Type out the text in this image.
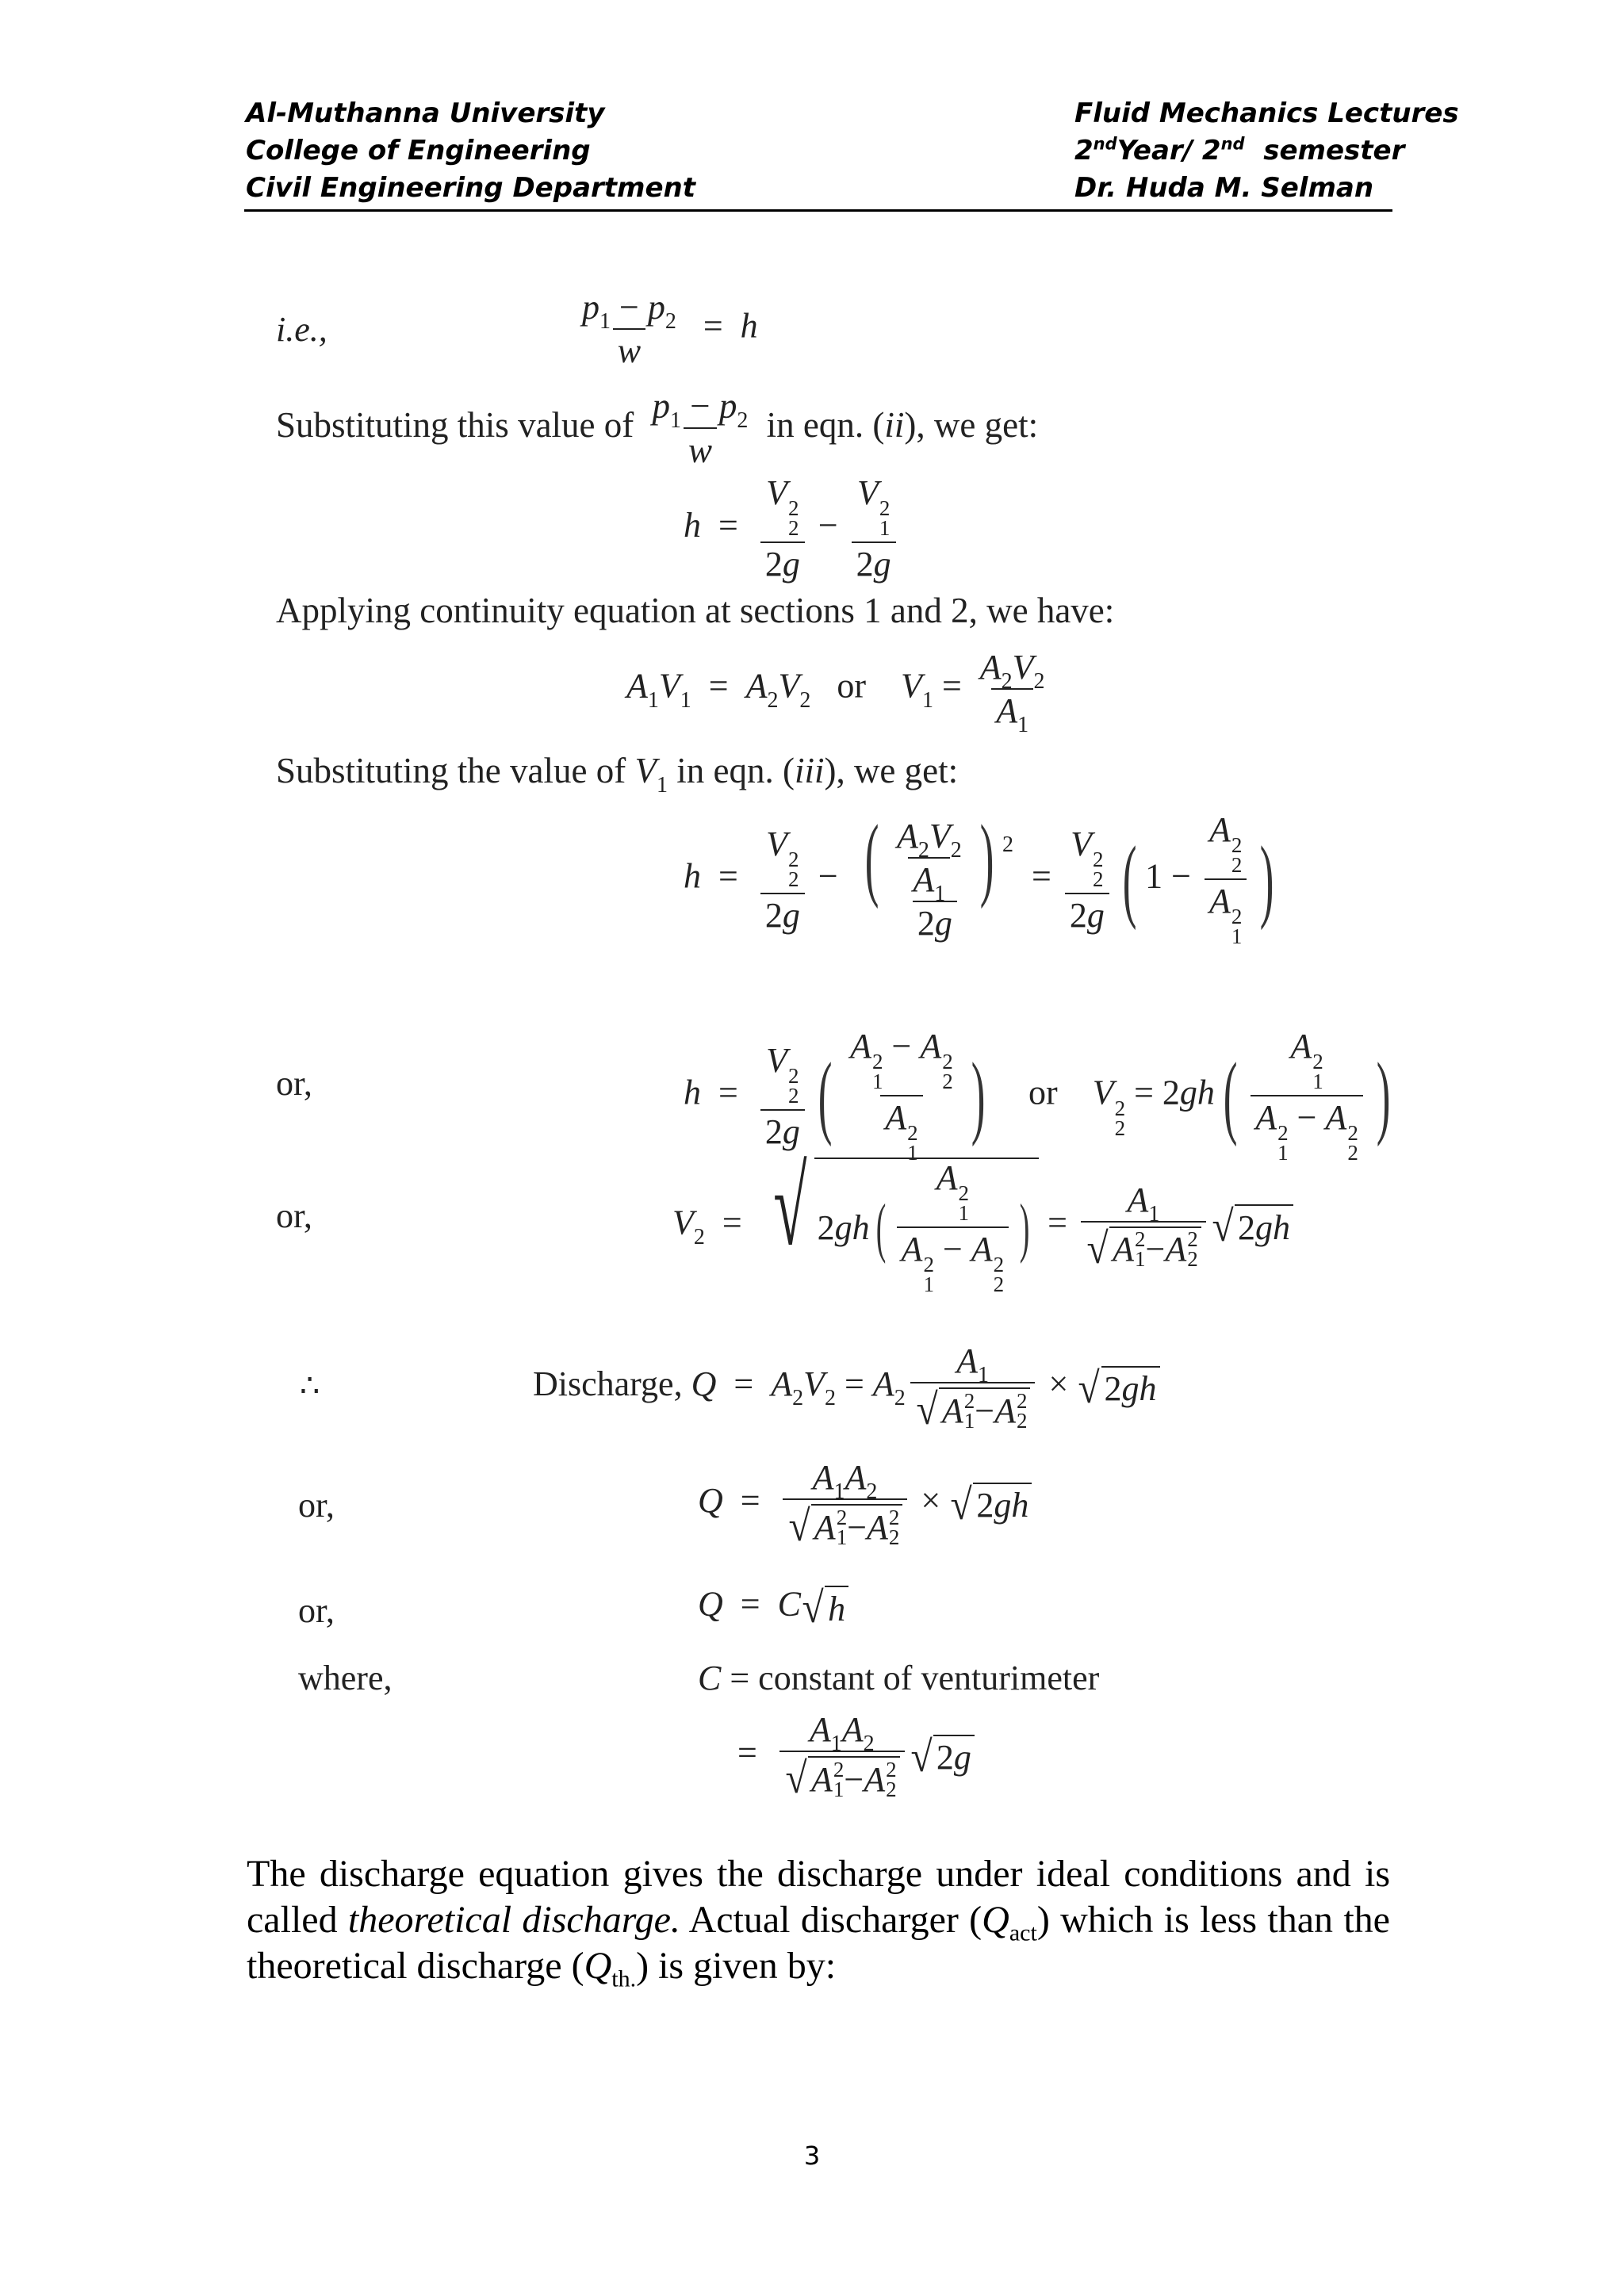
Al-Muthanna University
College of Engineering
Civil Engineering Department
Fluid Mechanics Lectures
2ndYear/ 2nd semester
Dr. Huda M. Selman
i.e.,	$\frac{p_1 - p_2}{w} = h$
Substituting this value of $\frac{p_1 - p_2}{w}$ in eqn. (ii), we get:
h  = V 2
2
2g − V 2
1
2g
Applying continuity equation at sections 1 and 2, we have:
$A_1V_1 = A_2V_2$ or $V_1 = \frac{A_2V_2}{A_1}$
Substituting the value of $V_1$ in eqn. (iii), we get:
h  = V 2
2
$2g - \frac{( \frac{A_2V_2}{A_1} ) ^2}{2g} = V$ 2
2
2g ( 1 − A 2
2
A 2
1 )
or,	h  = V 2
2
2g ( A 2
1
− A 2
2
A 2
1 ) or V 2
2
= 2gh( A 2
1
A 2
1
− A 2
2 )
or,	$V_2$  = √ 2 gh ( A 2
1
A 2
1
− A 2
2 ) = $A_1$
√ A 2
1 − A 2
2 √ 2 gh
∴	Discharge, $Q = A_2V_2 = A_2$ $A_1$
√ A 2
1 − A 2
2 × √ 2 gh
or,	$Q = A_1A_2$
√ A 2
1 − A 2
2 × √ 2 gh
or,	Q  =  C √ h
where,	C = constant of venturimeter
= $A_1A_2$
√ A 2
1 − A 2
2 √ 2 g
The discharge equation gives the discharge under ideal conditions and is called theoretical discharge. Actual discharger $(Q_{act})$ which is less than the theoretical discharge $(Q_{th.})$ is given by:
3
